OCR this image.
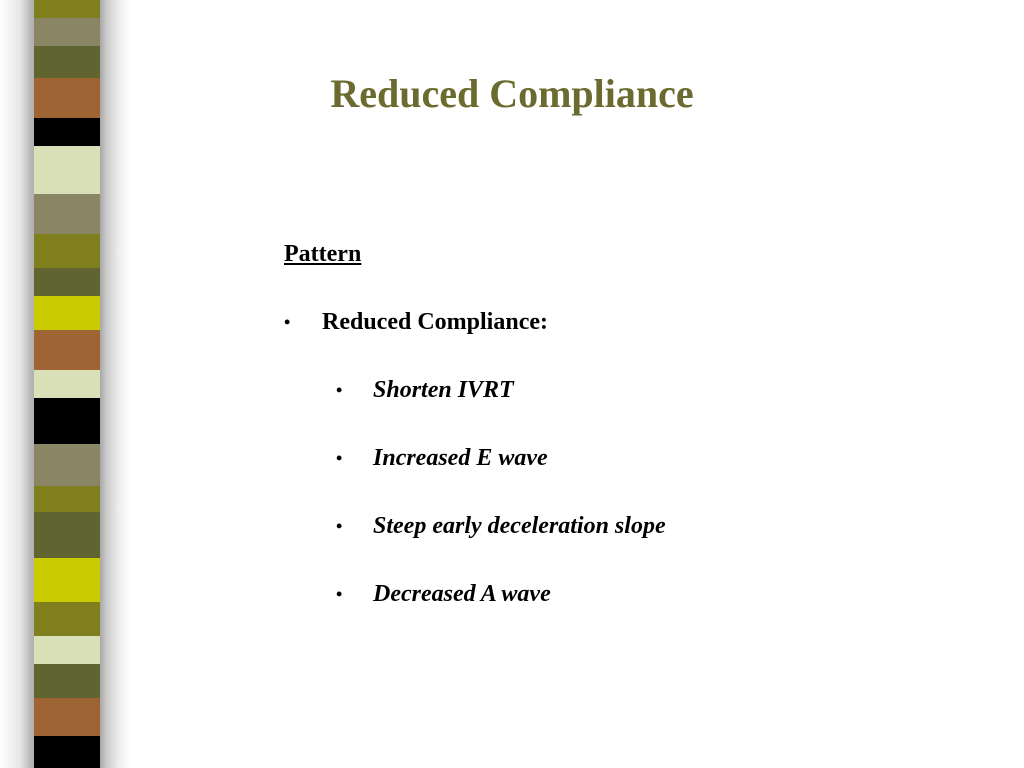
Reduced Compliance

Pattern

• Reduced Compliance:
• Shorten IVRT
• Increased E wave
• Steep early deceleration slope
• Decreased A wave
